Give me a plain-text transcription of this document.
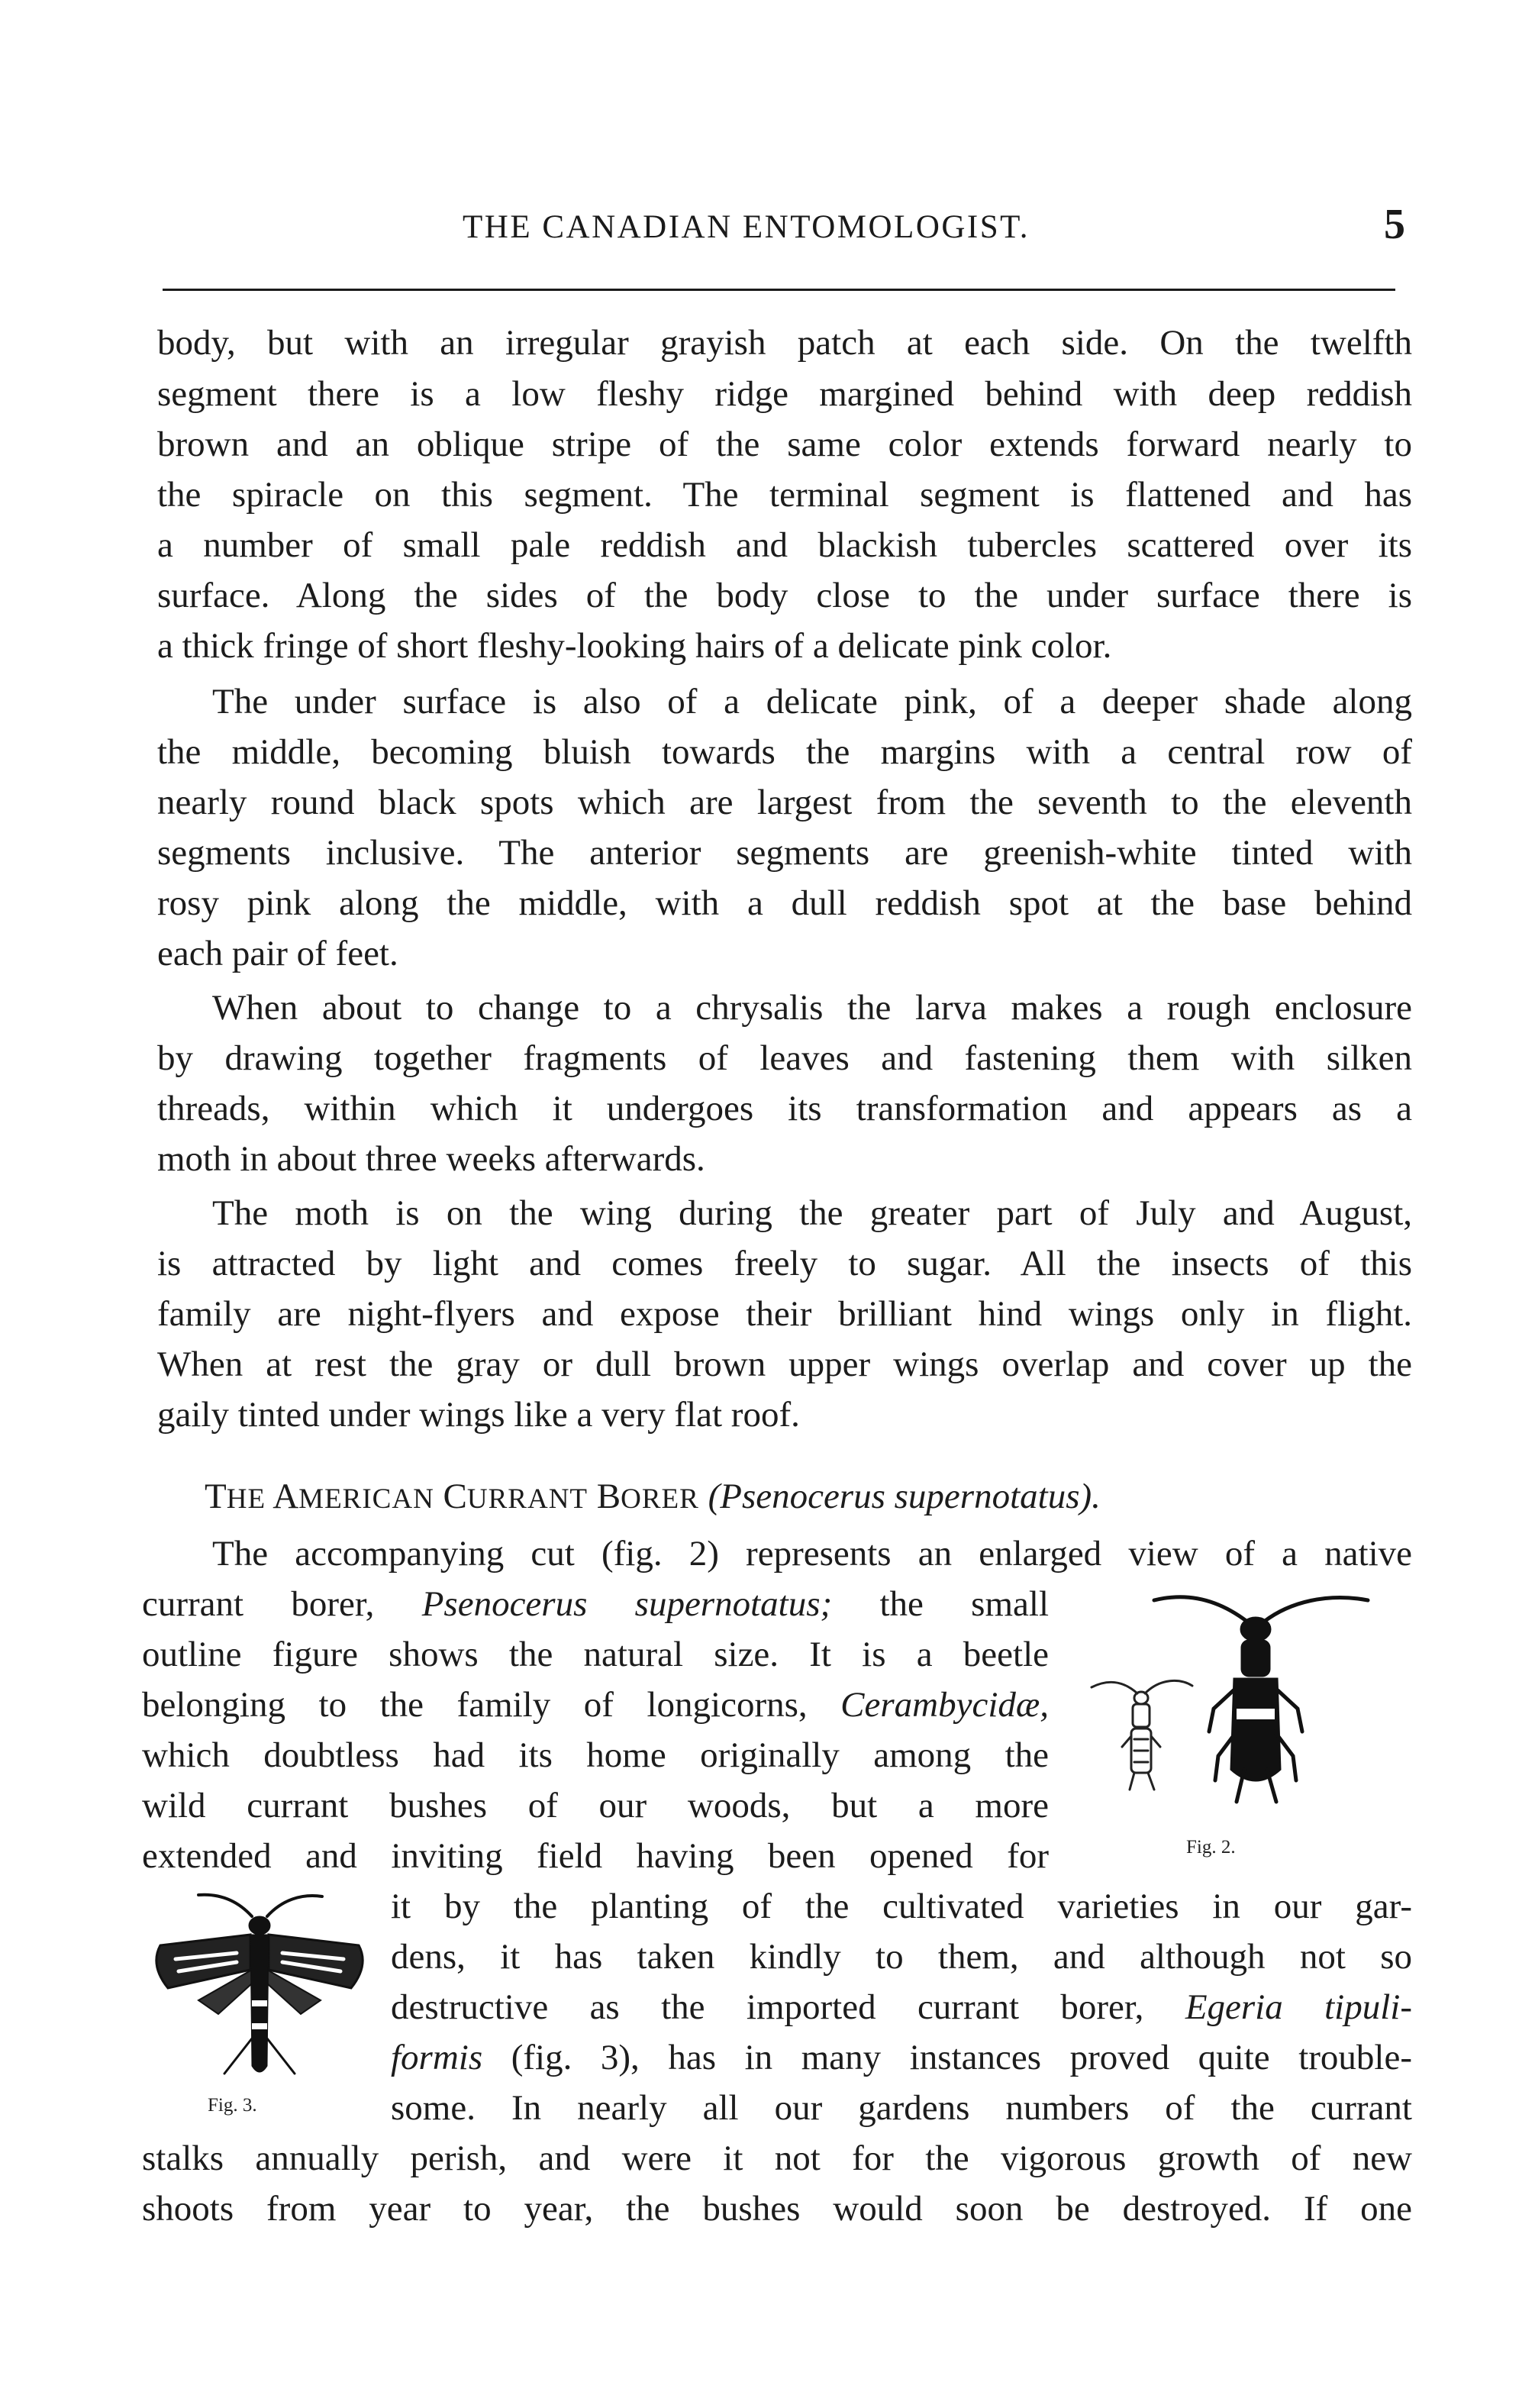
THE CANADIAN ENTOMOLOGIST.	5
body, but with an irregular grayish patch at each side. On the twelfth
segment there is a low fleshy ridge margined behind with deep reddish
brown and an oblique stripe of the same color extends forward nearly to
the spiracle on this segment. The terminal segment is flattened and has
a number of small pale reddish and blackish tubercles scattered over its
surface. Along the sides of the body close to the under surface there is
a thick fringe of short fleshy-looking hairs of a delicate pink color.
The under surface is also of a delicate pink, of a deeper shade along
the middle, becoming bluish towards the margins with a central row of
nearly round black spots which are largest from the seventh to the eleventh
segments inclusive. The anterior segments are greenish-white tinted with
rosy pink along the middle, with a dull reddish spot at the base behind
each pair of feet.
When about to change to a chrysalis the larva makes a rough enclosure
by drawing together fragments of leaves and fastening them with silken
threads, within which it undergoes its transformation and appears as a
moth in about three weeks afterwards.
The moth is on the wing during the greater part of July and August,
is attracted by light and comes freely to sugar. All the insects of this
family are night-flyers and expose their brilliant hind wings only in flight.
When at rest the gray or dull brown upper wings overlap and cover up the
gaily tinted under wings like a very flat roof.
THE AMERICAN CURRANT BORER (Psenocerus supernotatus).
The accompanying cut (fig. 2) represents an enlarged view of a native
currant borer, Psenocerus supernotatus; the small
outline figure shows the natural size. It is a beetle
belonging to the family of longicorns, Cerambycidæ,
which doubtless had its home originally among the
wild currant bushes of our woods, but a more
extended and inviting field having been opened for
it by the planting of the cultivated varieties in our gar-
dens, it has taken kindly to them, and although not so
destructive as the imported currant borer, Egeria tipuli-
formis (fig. 3), has in many instances proved quite trouble-
some. In nearly all our gardens numbers of the currant
stalks annually perish, and were it not for the vigorous growth of new
shoots from year to year, the bushes would soon be destroyed. If one
Fig. 2.
Fig. 3.
